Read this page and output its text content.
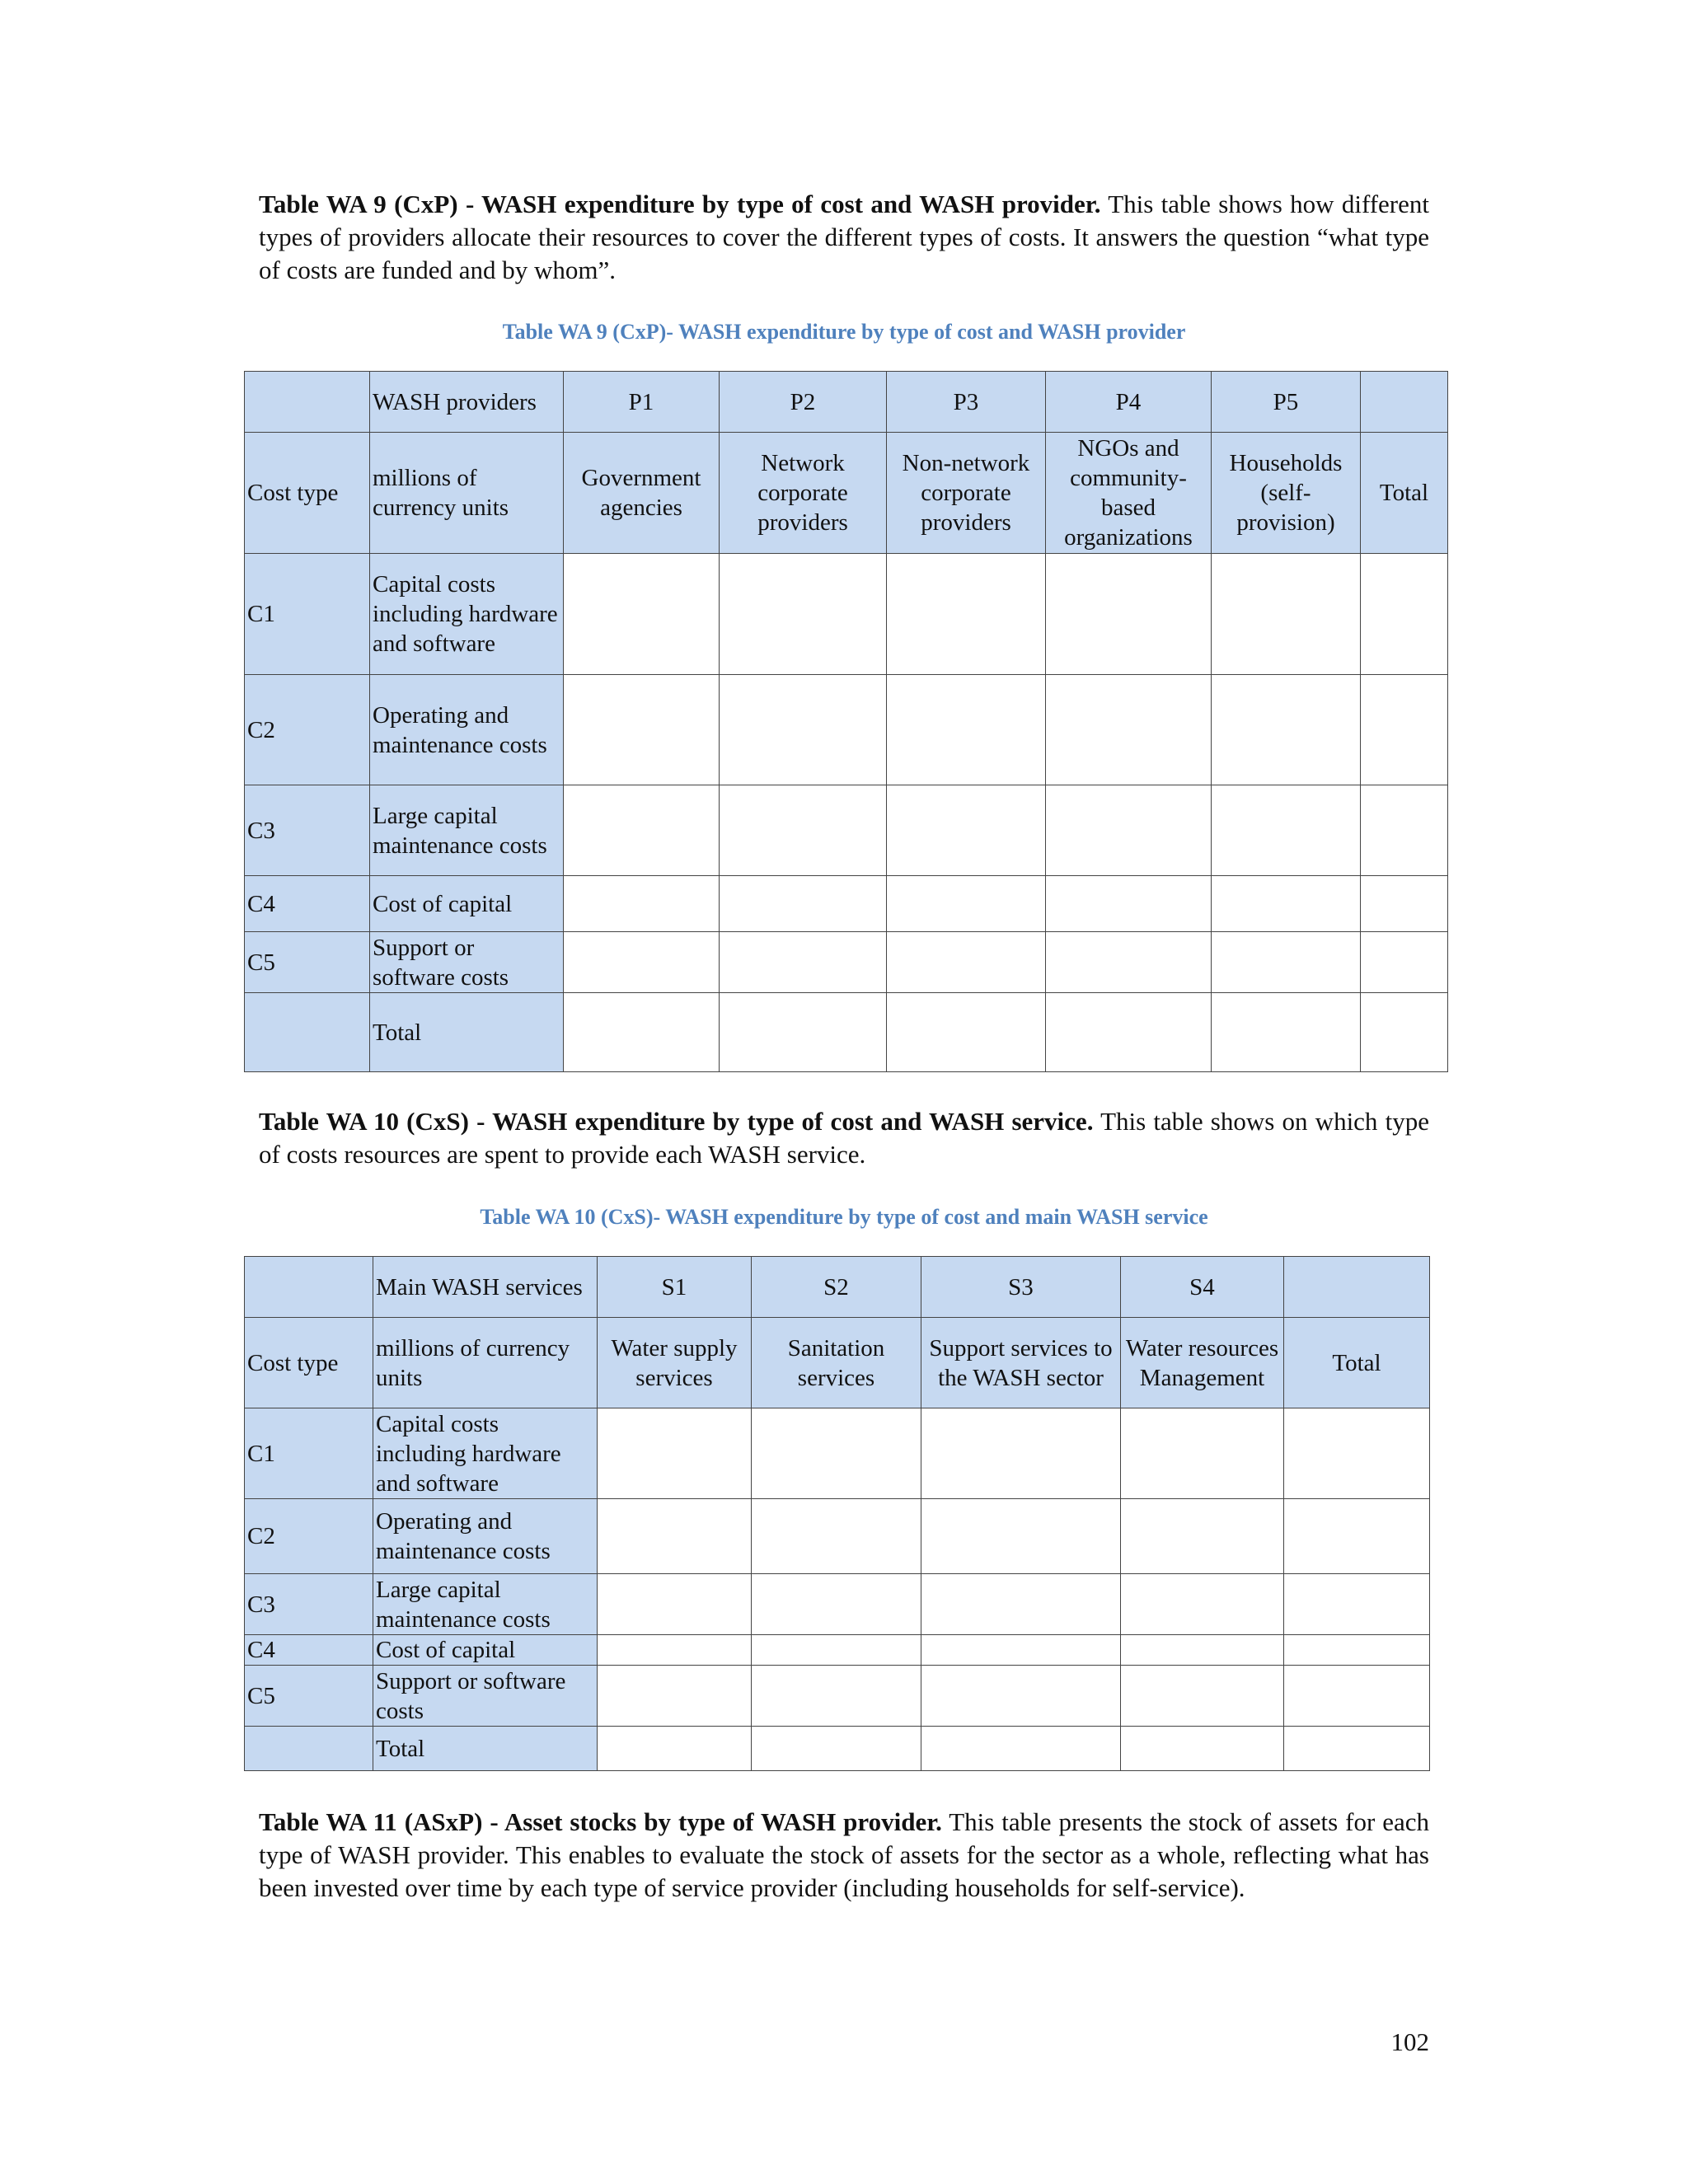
Table WA 9 (CxP) - WASH expenditure by type of cost and WASH provider. This table shows how different types of providers allocate their resources to cover the different types of costs. It answers the question “what type of costs are funded and by whom”.
Table WA 9 (CxP)- WASH expenditure by type of cost and WASH provider
	WASH providers	P1	P2	P3	P4	P5	
Cost type	millions of currency units	Government agencies	Network corporate providers	Non-network corporate providers	NGOs and community-based organizations	Households (self-provision)	Total
C1	Capital costs including hardware and software						
C2	Operating and maintenance costs						
C3	Large capital maintenance costs						
C4	Cost of capital						
C5	Support or software costs						
	Total						
Table WA 10 (CxS) - WASH expenditure by type of cost and WASH service. This table shows on which type of costs resources are spent to provide each WASH service.
Table WA 10 (CxS)- WASH expenditure by type of cost and main WASH service
	Main WASH services	S1	S2	S3	S4	
Cost type	millions of currency units	Water supply services	Sanitation services	Support services to the WASH sector	Water resources Management	Total
C1	Capital costs including hardware and software					
C2	Operating and maintenance costs					
C3	Large capital maintenance costs					
C4	Cost of capital					
C5	Support or software costs					
	Total					
Table WA 11 (ASxP) - Asset stocks by type of WASH provider. This table presents the stock of assets for each type of WASH provider. This enables to evaluate the stock of assets for the sector as a whole, reflecting what has been invested over time by each type of service provider (including households for self-service).
102
